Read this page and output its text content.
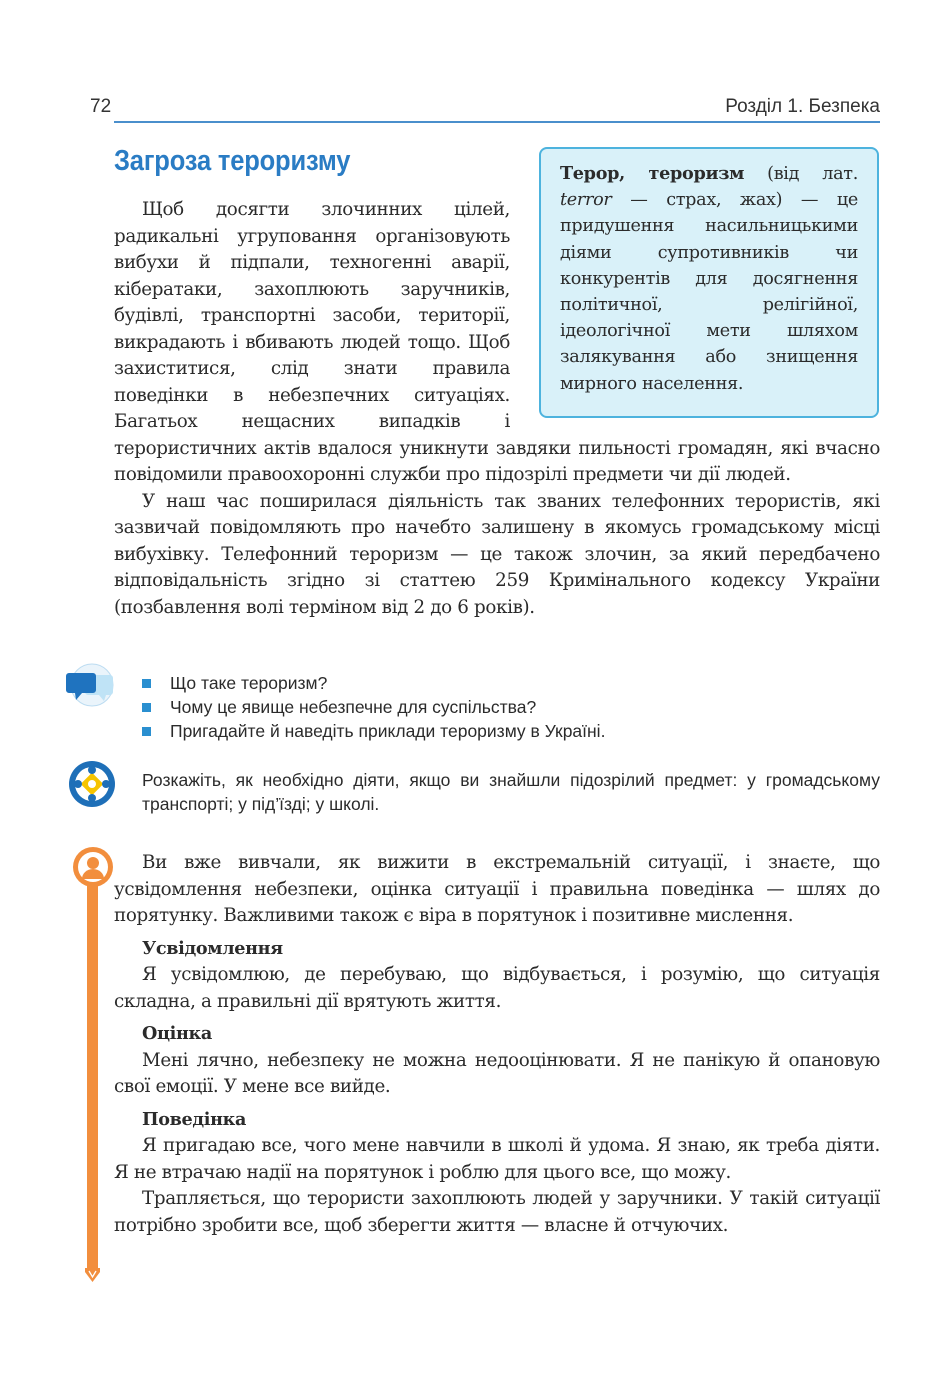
72	Розділ 1. Безпека
Загроза тероризму	Терор, тероризм (від лат. terror — страх, жах) — це придушення насильницькими діями супротивників чи конкурентів для досягнення політичної, релігійної, ідеологічної мети шляхом залякування або знищення мирного населення.

Щоб досягти злочинних цілей, радикальні угруповання організовують вибухи й підпали, техногенні аварії, кібератаки, захоплюють заручників, будівлі, транспортні засоби, території, викрадають і вбивають людей тощо. Щоб захиститися, слід знати правила поведінки в небезпечних ситуаціях. Багатьох нещасних випадків і терористичних актів вдалося уникнути завдяки пильності громадян, які вчасно повідомили правоохоронні служби про підозрілі предмети чи дії людей.

У наш час поширилася діяльність так званих телефонних терористів, які зазвичай повідомляють про начебто залишену в якомусь громадському місці вибухівку. Телефонний тероризм — це також злочин, за який передбачено відповідальність згідно зі статтею 259 Кримінального кодексу України (позбавлення волі терміном від 2 до 6 років).

Що таке тероризм?
Чому це явище небезпечне для суспільства?
Пригадайте й наведіть приклади тероризму в Україні.
Розкажіть, як необхідно діяти, якщо ви знайшли підозрілий предмет: у громадському транспорті; у під’їзді; у школі.

Ви вже вивчали, як вижити в екстремальній ситуації, і знаєте, що усвідомлення небезпеки, оцінка ситуації і правильна поведінка — шлях до порятунку. Важливими також є віра в порятунок і позитивне мислення.

Усвідомлення

Я усвідомлюю, де перебуваю, що відбувається, і розумію, що ситуація складна, а правильні дії врятують життя.

Оцінка

Мені лячно, небезпеку не можна недооцінювати. Я не панікую й опановую свої емоції. У мене все вийде.

Поведінка

Я пригадаю все, чого мене навчили в школі й удома. Я знаю, як треба діяти. Я не втрачаю надії на порятунок і роблю для цього все, що можу.

Трапляється, що терористи захоплюють людей у заручники. У такій ситуації потрібно зробити все, щоб зберегти життя — власне й отчуючих.
